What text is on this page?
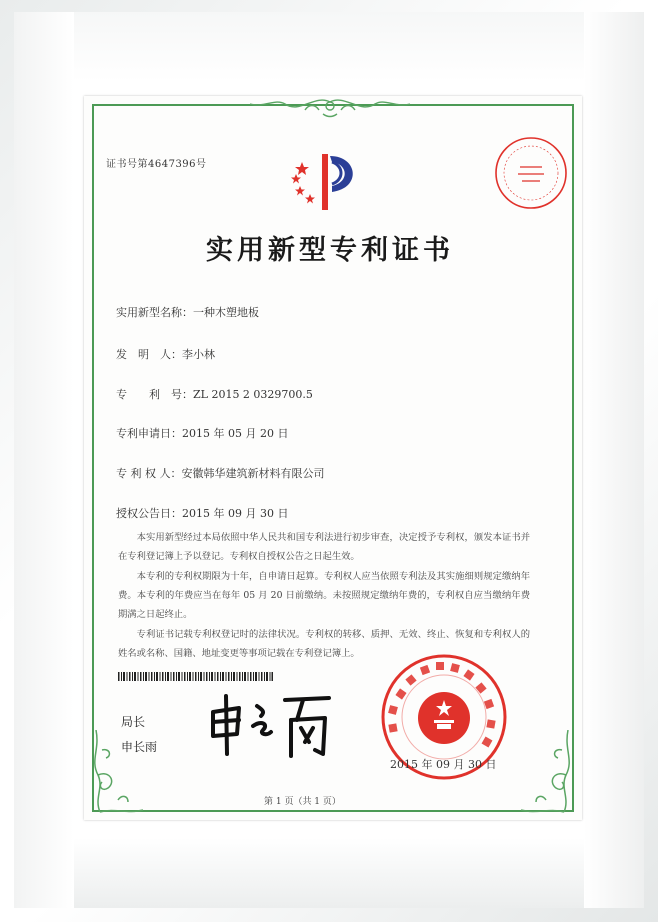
证书号第4647396号
实用新型专利证书
实用新型名称：一种木塑地板
发　明　人：李小林
专　　利　号：ZL 2015 2 0329700.5
专利申请日：2015 年 05 月 20 日
专 利 权 人：安徽韩华建筑新材料有限公司
授权公告日：2015 年 09 月 30 日
本实用新型经过本局依照中华人民共和国专利法进行初步审查，决定授予专利权，颁发本证书并在专利登记簿上予以登记。专利权自授权公告之日起生效。
本专利的专利权期限为十年，自申请日起算。专利权人应当依照专利法及其实施细则规定缴纳年费。本专利的年费应当在每年 05 月 20 日前缴纳。未按照规定缴纳年费的，专利权自应当缴纳年费期满之日起终止。
专利证书记载专利权登记时的法律状况。专利权的转移、质押、无效、终止、恢复和专利权人的姓名或名称、国籍、地址变更等事项记载在专利登记簿上。
局长
申长雨
2015 年 09 月 30 日
第 1 页（共 1 页）
